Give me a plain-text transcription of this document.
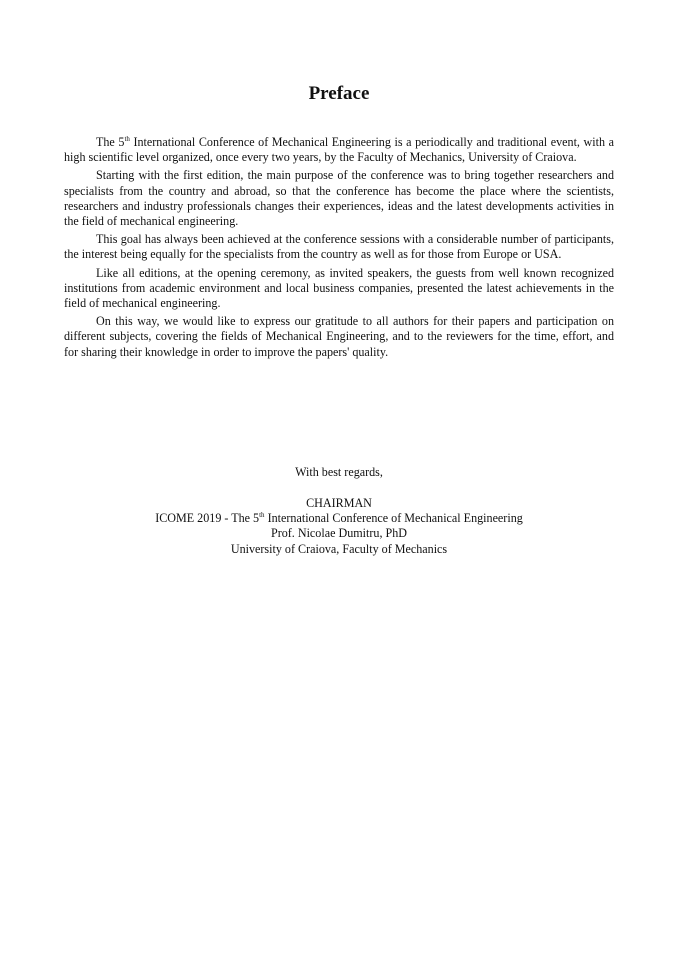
Preface

The 5th International Conference of Mechanical Engineering is a periodically and traditional event, with a high scientific level organized, once every two years, by the Faculty of Mechanics, University of Craiova.

Starting with the first edition, the main purpose of the conference was to bring together researchers and specialists from the country and abroad, so that the conference has become the place where the scientists, researchers and industry professionals changes their experiences, ideas and the latest developments activities in the field of mechanical engineering.

This goal has always been achieved at the conference sessions with a considerable number of participants, the interest being equally for the specialists from the country as well as for those from Europe or USA.

Like all editions, at the opening ceremony, as invited speakers, the guests from well known recognized institutions from academic environment and local business companies, presented the latest achievements in the field of mechanical engineering.

On this way, we would like to express our gratitude to all authors for their papers and participation on different subjects, covering the fields of Mechanical Engineering, and to the reviewers for the time, effort, and for sharing their knowledge in order to improve the papers' quality.

With best regards,
CHAIRMAN
ICOME 2019 - The 5th International Conference of Mechanical Engineering
Prof. Nicolae Dumitru, PhD
University of Craiova, Faculty of Mechanics
